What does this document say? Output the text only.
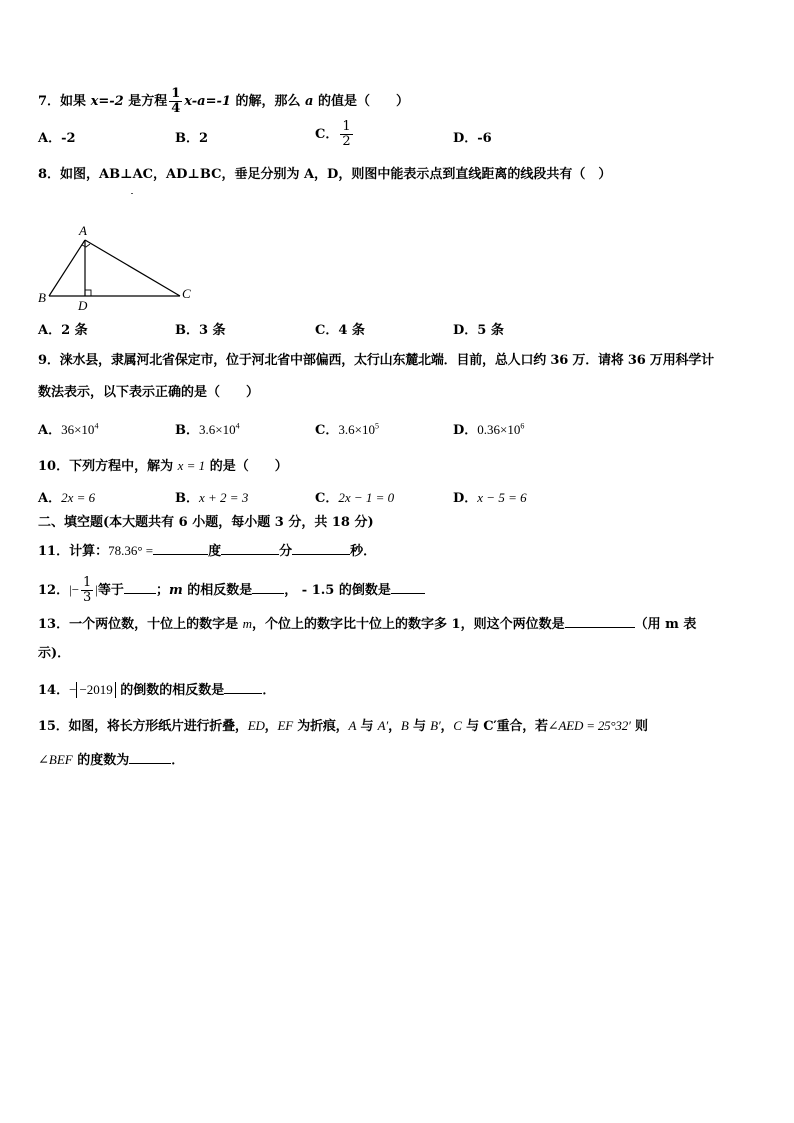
7．如果 x=-2 是方程 $\frac{1}{4} x-a=-1$ 的解，那么 a 的值是（　　）
A．-2	B．2	C． $\frac{1}{2}$	D．-6
8．如图，AB⊥AC，AD⊥BC，垂足分别为 A，D，则图中能表示点到直线距离的线段共有（　）
A
B	C
D
A．2 条	B．3 条	C．4 条	D．5 条
9．涞水县，隶属河北省保定市，位于河北省中部偏西，太行山东麓北端．目前，总人口约 36 万．请将 36 万用科学计
数法表示，以下表示正确的是（　　）
A．$36\times 10^4$	B．$3.6\times 10^4$	C．$3.6\times 10^5$	D．$0.36\times 10^6$
10．下列方程中，解为 x = 1 的是（　　）
A．2x = 6	B．x + 2 = 3	C．2x − 1 = 0	D．x − 5 = 6
二、填空题(本大题共有 6 小题，每小题 3 分，共 18 分)
11．计算：78.36° =	度	分	秒．
12．|− $\frac{1}{3}$ |等于 ；m 的相反数是 ， - 1.5 的倒数是
13．一个两位数，十位上的数字是 m，个位上的数字比十位上的数字多 1，则这个两位数是	（用 m 表
示)．
14．− −2019 的倒数的相反数是	．
15．如图，将长方形纸片进行折叠，ED，EF 为折痕，A 与 A′，B 与 B′，C 与 C′重合，若∠AED = 25°32′ 则
∠BEF 的度数为	．
